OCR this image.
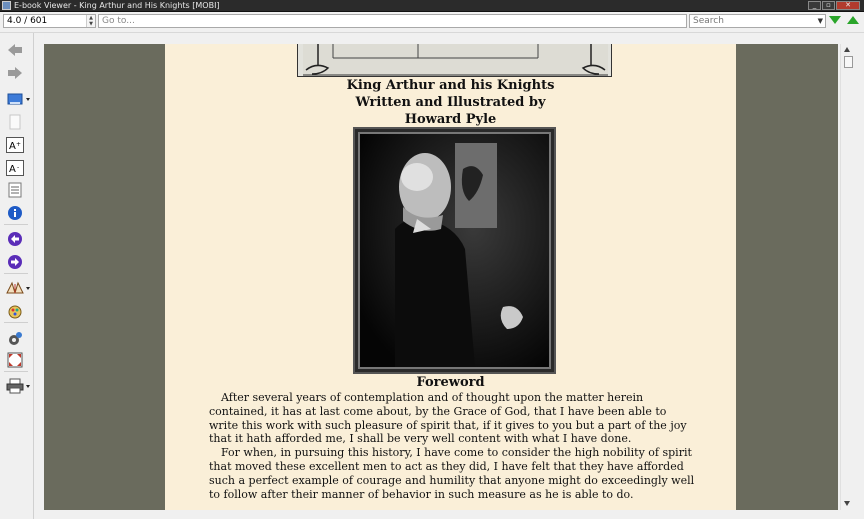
E-book Viewer - King Arthur and His Knights [MOBI]	_	▫	✕
4.0 / 601	▲
▼	Go to...	Search	▼
A +
A -
King Arthur and his Knights
Written and Illustrated by
Howard Pyle
Foreword

After several years of contemplation and of thought upon the matter herein contained, it has at last come about, by the Grace of God, that I have been able to write this work with such pleasure of spirit that, if it gives to you but a part of the joy that it hath afforded me, I shall be very well content with what I have done.

For when, in pursuing this history, I have come to consider the high nobility of spirit that moved these excellent men to act as they did, I have felt that they have afforded such a perfect example of courage and humility that anyone might do exceedingly well to follow after their manner of behavior in such measure as he is able to do.
